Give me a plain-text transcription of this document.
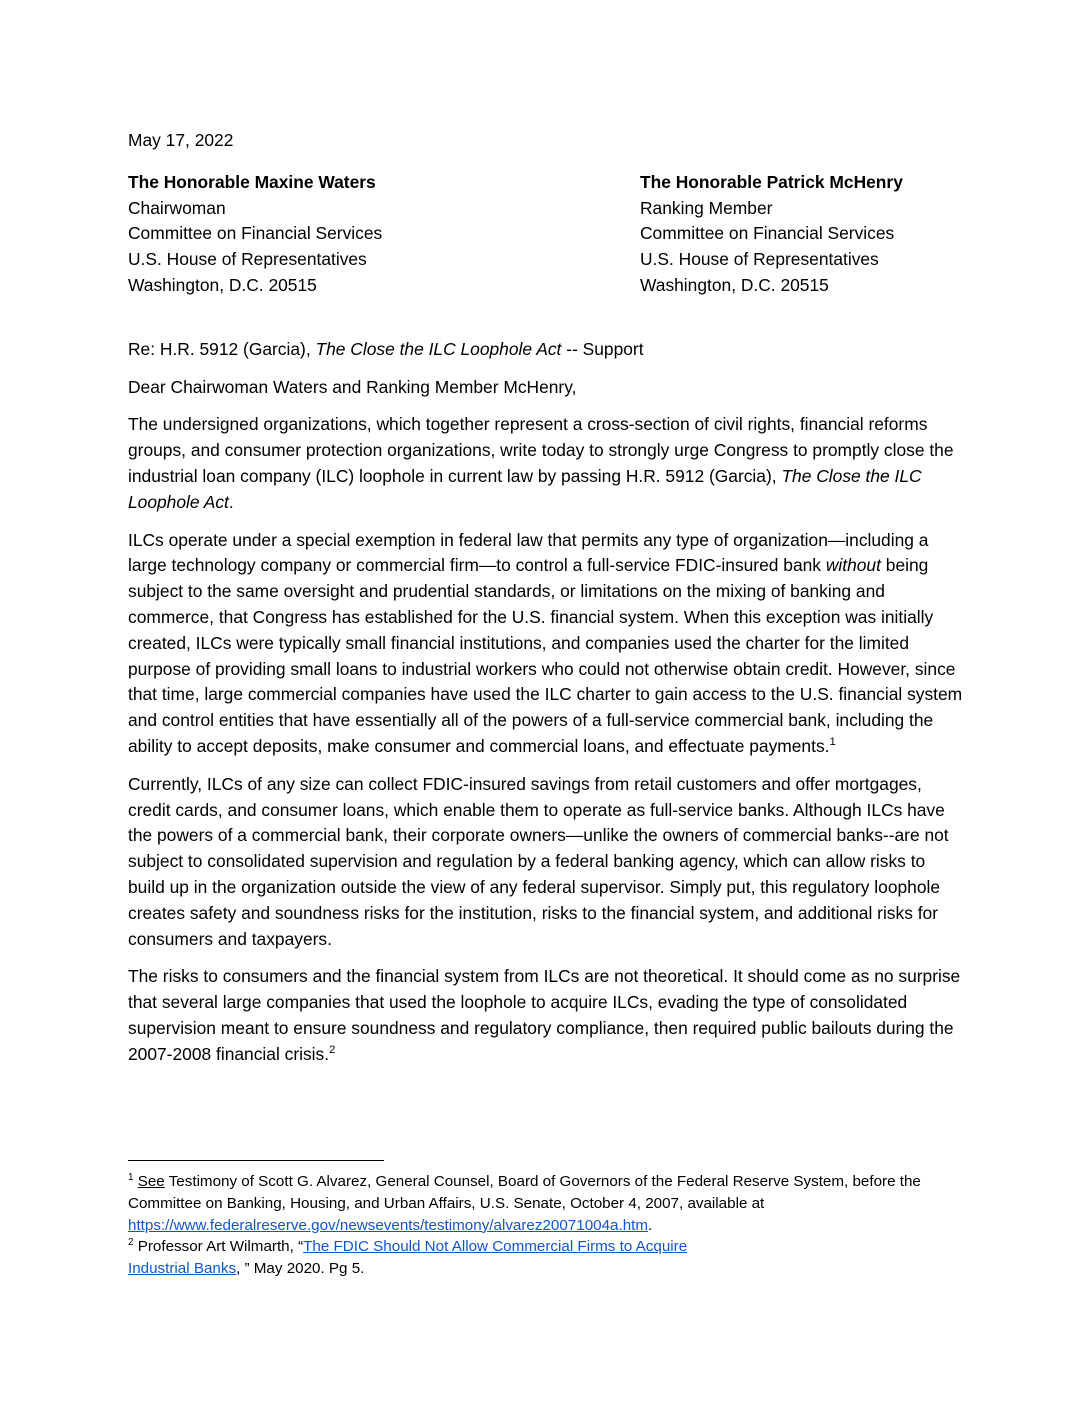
May 17, 2022
The Honorable Maxine Waters
Chairwoman
Committee on Financial Services
U.S. House of Representatives
Washington, D.C. 20515
The Honorable Patrick McHenry
Ranking Member
Committee on Financial Services
U.S. House of Representatives
Washington, D.C. 20515
Re: H.R. 5912 (Garcia), The Close the ILC Loophole Act -- Support
Dear Chairwoman Waters and Ranking Member McHenry,

The undersigned organizations, which together represent a cross-section of civil rights, financial reforms groups, and consumer protection organizations, write today to strongly urge Congress to promptly close the industrial loan company (ILC) loophole in current law by passing H.R. 5912 (Garcia), The Close the ILC Loophole Act.

ILCs operate under a special exemption in federal law that permits any type of organization—including a large technology company or commercial firm—to control a full-service FDIC-insured bank without being subject to the same oversight and prudential standards, or limitations on the mixing of banking and commerce, that Congress has established for the U.S. financial system. When this exception was initially created, ILCs were typically small financial institutions, and companies used the charter for the limited purpose of providing small loans to industrial workers who could not otherwise obtain credit. However, since that time, large commercial companies have used the ILC charter to gain access to the U.S. financial system and control entities that have essentially all of the powers of a full-service commercial bank, including the ability to accept deposits, make consumer and commercial loans, and effectuate payments.$^1$

Currently, ILCs of any size can collect FDIC-insured savings from retail customers and offer mortgages, credit cards, and consumer loans, which enable them to operate as full-service banks. Although ILCs have the powers of a commercial bank, their corporate owners—unlike the owners of commercial banks--are not subject to consolidated supervision and regulation by a federal banking agency, which can allow risks to build up in the organization outside the view of any federal supervisor. Simply put, this regulatory loophole creates safety and soundness risks for the institution, risks to the financial system, and additional risks for consumers and taxpayers.

The risks to consumers and the financial system from ILCs are not theoretical. It should come as no surprise that several large companies that used the loophole to acquire ILCs, evading the type of consolidated supervision meant to ensure soundness and regulatory compliance, then required public bailouts during the 2007-2008 financial crisis.$^2$

$^1$ See Testimony of Scott G. Alvarez, General Counsel, Board of Governors of the Federal Reserve System, before the Committee on Banking, Housing, and Urban Affairs, U.S. Senate, October 4, 2007, available at https://www.federalreserve.gov/newsevents/testimony/alvarez20071004a.htm.

$^2$ Professor Art Wilmarth, “The FDIC Should Not Allow Commercial Firms to Acquire
Industrial Banks, ” May 2020. Pg 5.
